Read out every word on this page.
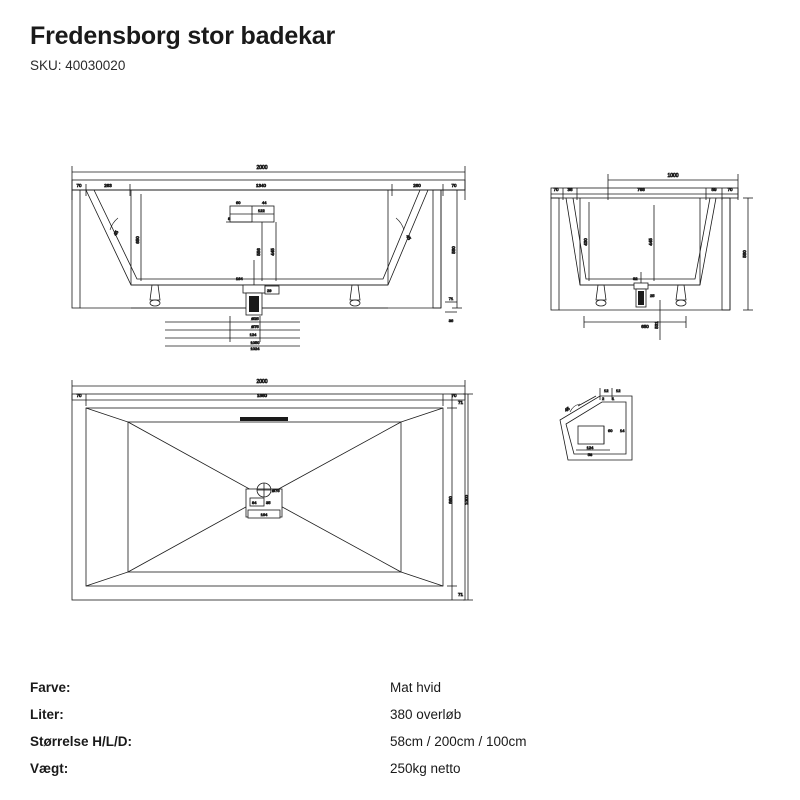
Fredensborg stor badekar
SKU: 40030020
2000
70	263	1340	260	70
60	44
122
8
650
556 445	580
45
45
29
164
Ø25
Ø75
124
1050
1024
71
36
1000
70 36	768	59 70
430	445
580
32
25
650 531
2000
70	1860	70
84 35
Ø75
164
71
71
860 1000
45
12 12
2 1
60 14
124
58
Farve:	Mat hvid
Liter:	380 overløb
Størrelse H/L/D:	58cm / 200cm / 100cm
Vægt:	250kg netto
